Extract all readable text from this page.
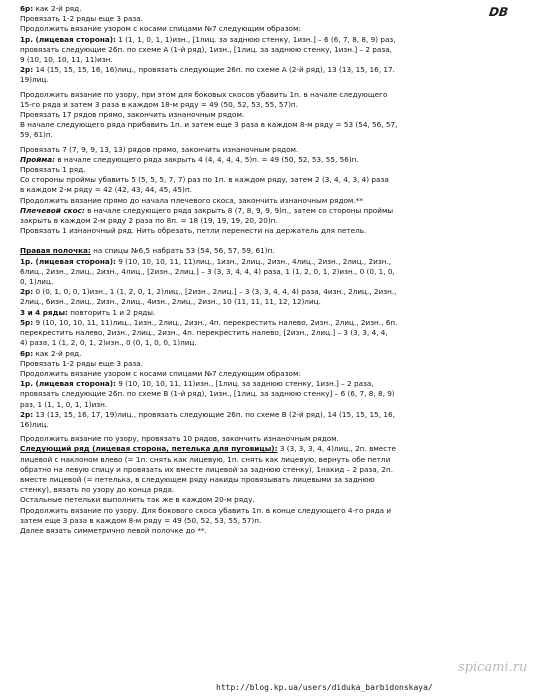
DB
6р: как 2-й ряд.
Провязать 1-2 ряды еще 3 раза.
Продолжить вязание узором с косами спицами №7 следующим образом:
1р. (лицевая сторона): 1 (1, 1, 0, 1, 1)изн., [1лиц. за заднюю стенку, 1изн.] – 6 (6, 7, 8, 8, 9) раз,
провязать следующие 26п. по схеме А (1-й ряд), 1изн., [1лиц. за заднюю стенку, 1изн.] – 2 раза,
9 (10, 10, 10, 11, 11)изн.
2р: 14 (15, 15, 15, 16, 16)лиц., провязать следующие 26п. по схеме А (2-й ряд), 13 (13, 15, 16, 17.
19)лиц.
Продолжить вязание по узору, при этом для боковых скосов убавить 1п. в начале следующего
15-го ряда и затем 3 раза в каждом 18-м ряду = 49 (50, 52, 53, 55, 57)п.
Провязать 17 рядов прямо, закончить изнаночным рядом.
В начале следующего ряда прибавить 1п. и затем еще 3 раза в каждом 8-м ряду = 53 (54, 56, 57,
59, 61)п.
Провязать 7 (7, 9, 9, 13, 13) рядов прямо, закончить изнаночным рядом.
Пройма: в начале следующего ряда закрыть 4 (4, 4, 4, 4, 5)п. = 49 (50, 52, 53, 55, 56)п.
Провязать 1 ряд.
Со стороны проймы убавить 5 (5, 5, 5, 7, 7) раз по 1п. в каждом ряду, затем 2 (3, 4, 4, 3, 4) раза
в каждом 2-м ряду = 42 (42, 43, 44, 45, 45)п.
Продолжить вязание прямо до начала плечевого скоса, закончить изнаночным рядом.**
Плечевой скос: в начале следующего ряда закрыть 8 (7, 8, 9, 9, 9)п., затем со стороны проймы
закрыть в каждом 2-м ряду 2 раза по 8п. = 18 (19, 19, 19, 20, 20)п.
Провязать 1 изнаночный ряд. Нить обрезать, петли перенести на держатель для петель.
Правая полочка: на спицы №6,5 набрать 53 (54, 56, 57, 59, 61)п.
1р. (лицевая сторона): 9 (10, 10, 10, 11, 11)лиц., 1изн., 2лиц., 2изн., 4лиц., 2изн., 2лиц., 2изн.,
6лиц., 2изн., 2лиц., 2изн., 4лиц., [2изн., 2лиц.] – 3 (3, 3, 4, 4, 4) раза, 1 (1, 2, 0, 1, 2)изн., 0 (0, 1, 0,
0, 1)лиц.
2р: 0 (0, 1, 0, 0, 1)изн., 1 (1, 2, 0, 1, 2)лиц., [2изн., 2лиц.] – 3 (3, 3, 4, 4, 4) раза, 4изн., 2лиц., 2изн.,
2лиц., 6изн., 2лиц., 2изн., 2лиц., 4изн., 2лиц., 2изн., 10 (11, 11, 11, 12, 12)лиц.
3 и 4 ряды: повторить 1 и 2 ряды.
5р: 9 (10, 10, 10, 11, 11)лиц., 1изн., 2лиц., 2изн., 4п. перекрестить налево, 2изн., 2лиц., 2изн., 6п.
перекрестить налево, 2изн., 2лиц., 2изн., 4п. перекрестить налево, [2изн., 2лиц.] – 3 (3, 3, 4, 4,
4) раза, 1 (1, 2, 0, 1, 2)изн., 0 (0, 1, 0, 0, 1)лиц.
6р: как 2-й ряд.
Провязать 1-2 ряды еще 3 раза.
Продолжить вязание узором с косами спицами №7 следующим образом:
1р. (лицевая сторона): 9 (10, 10, 10, 11, 11)изн., [1лиц. за заднюю стенку, 1изн.] – 2 раза,
провязать следующие 26п. по схеме В (1-й ряд), 1изн., [1лиц. за заднюю стенку] – 6 (6, 7, 8, 8, 9)
раз, 1 (1, 1, 0, 1, 1)изн.
2р: 13 (13, 15, 16, 17, 19)лиц., провязать следующие 26п. по схеме В (2-й ряд), 14 (15, 15, 15, 16,
16)лиц.
Продолжить вязание по узору, провязать 10 рядов, закончить изнаночным рядом.
Следующий ряд (лицевая сторона, петелька для пуговицы): 3 (3, 3, 3, 4, 4)лиц., 2п. вместе
лицевой с наклоном влево (= 1п. снять как лицевую, 1п. снять как лицевую, вернуть обе петли
обратно на левую спицу и провязать их вместе лицевой за заднюю стенку), 1накид – 2 раза, 2п.
вместе лицевой (= петелька, в следующем ряду накиды провязывать лицевыми за заднюю
стенку), вязать по узору до конца ряда.
Остальные петельки выполнить так же в каждом 20-м ряду.
Продолжить вязание по узору. Для бокового скоса убавить 1п. в конце следующего 4-го ряда и
затем еще 3 раза в каждом 8-м ряду = 49 (50, 52, 53, 55, 57)п.
Далее вязать симметрично левой полочке до **.
spicami.ru
http://blog.kp.ua/users/diduka_barbidonskaya/
